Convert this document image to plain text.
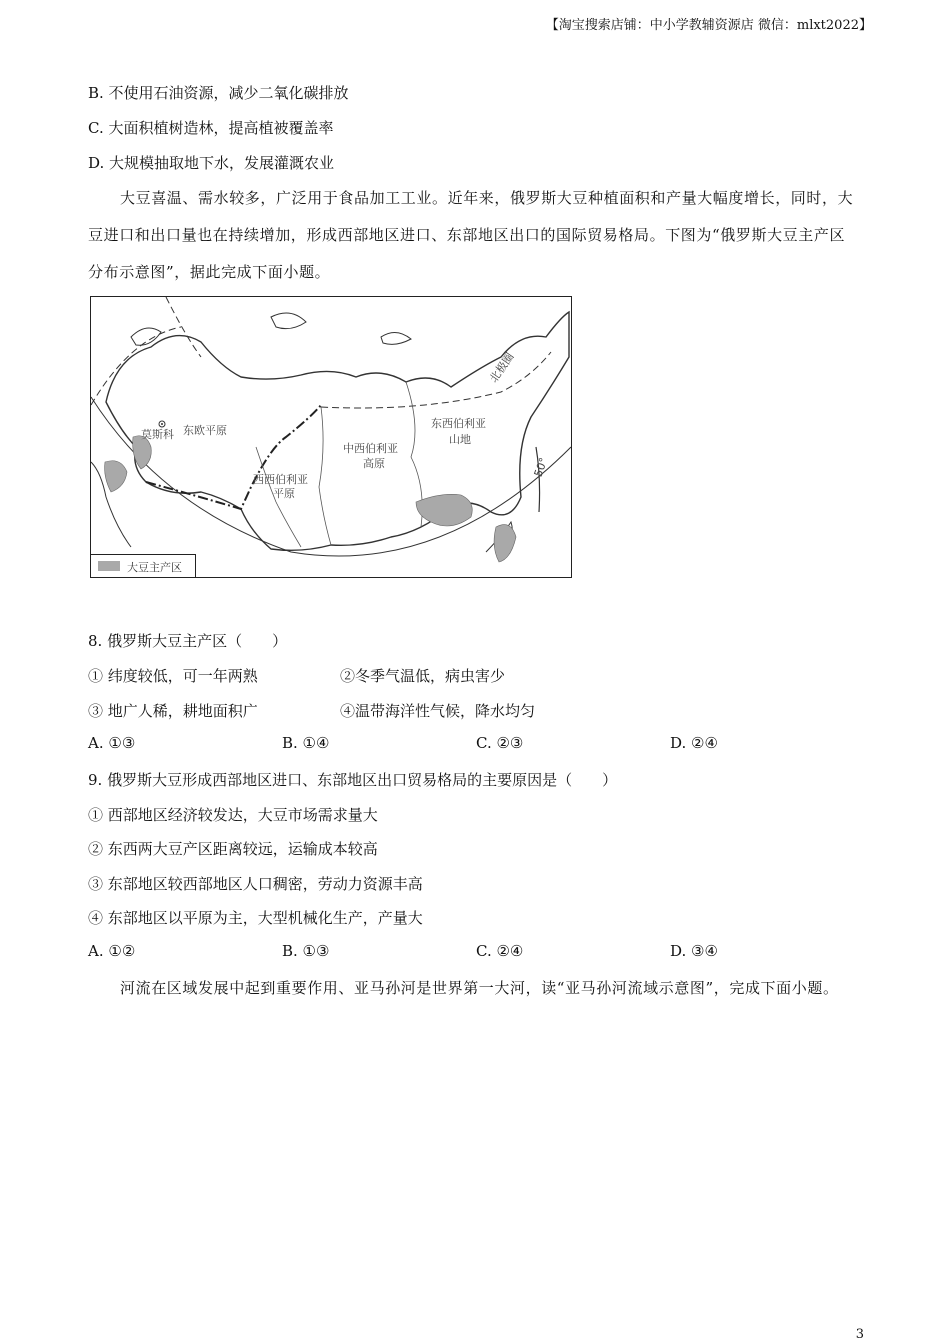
【淘宝搜索店铺：中小学教辅资源店 微信：mlxt2022】
B. 不使用石油资源，减少二氧化碳排放
C. 大面积植树造林，提高植被覆盖率
D. 大规模抽取地下水，发展灌溉农业
大豆喜温、需水较多，广泛用于食品加工工业。近年来，俄罗斯大豆种植面积和产量大幅度增长，同时，大豆进口和出口量也在持续增加，形成西部地区进口、东部地区出口的国际贸易格局。下图为“俄罗斯大豆主产区分布示意图”，据此完成下面小题。
莫斯科 东欧平原
西西伯利亚
平原
中西伯利亚
高原
东西伯利亚
山地
北极圈
50°
大豆主产区
8. 俄罗斯大豆主产区（　　）
① 纬度较低，可一年两熟	②冬季气温低，病虫害少
③ 地广人稀，耕地面积广	④温带海洋性气候，降水均匀
A. ①③	B. ①④	C. ②③	D. ②④
9. 俄罗斯大豆形成西部地区进口、东部地区出口贸易格局的主要原因是（　　）
① 西部地区经济较发达，大豆市场需求量大
② 东西两大豆产区距离较远，运输成本较高
③ 东部地区较西部地区人口稠密，劳动力资源丰高
④ 东部地区以平原为主，大型机械化生产，产量大
A. ①②	B. ①③	C. ②④	D. ③④
河流在区域发展中起到重要作用、亚马孙河是世界第一大河，读“亚马孙河流域示意图”，完成下面小题。
3
